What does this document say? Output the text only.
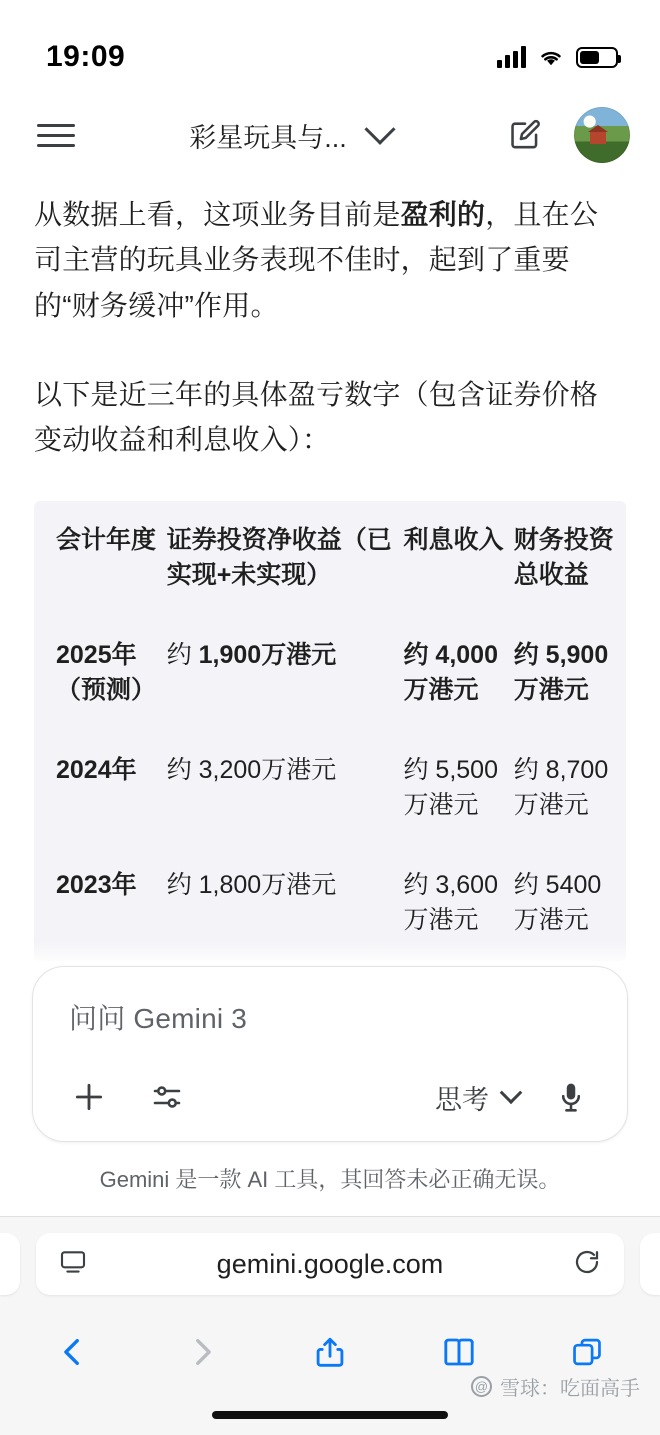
19:09
彩星玩具与...

从数据上看，这项业务目前是盈利的，且在公司主营的玩具业务表现不佳时，起到了重要的“财务缓冲”作用。

以下是近三年的具体盈亏数字（包含证券价格变动收益和利息收入）：

会计年度	证券投资净收益（已实现+未实现）	利息收入	财务投资总收益
2025年（预测）	约 1,900万港元	约 4,000万港元	约 5,900万港元
2024年	约 3,200万港元	约 5,500万港元	约 8,700万港元
2023年	约 1,800万港元	约 3,600万港元	约 5400万港元
问问 Gemini 3
思考
Gemini 是一款 AI 工具，其回答未必正确无误。
gemini.google.com
@ 雪球：吃面高手
